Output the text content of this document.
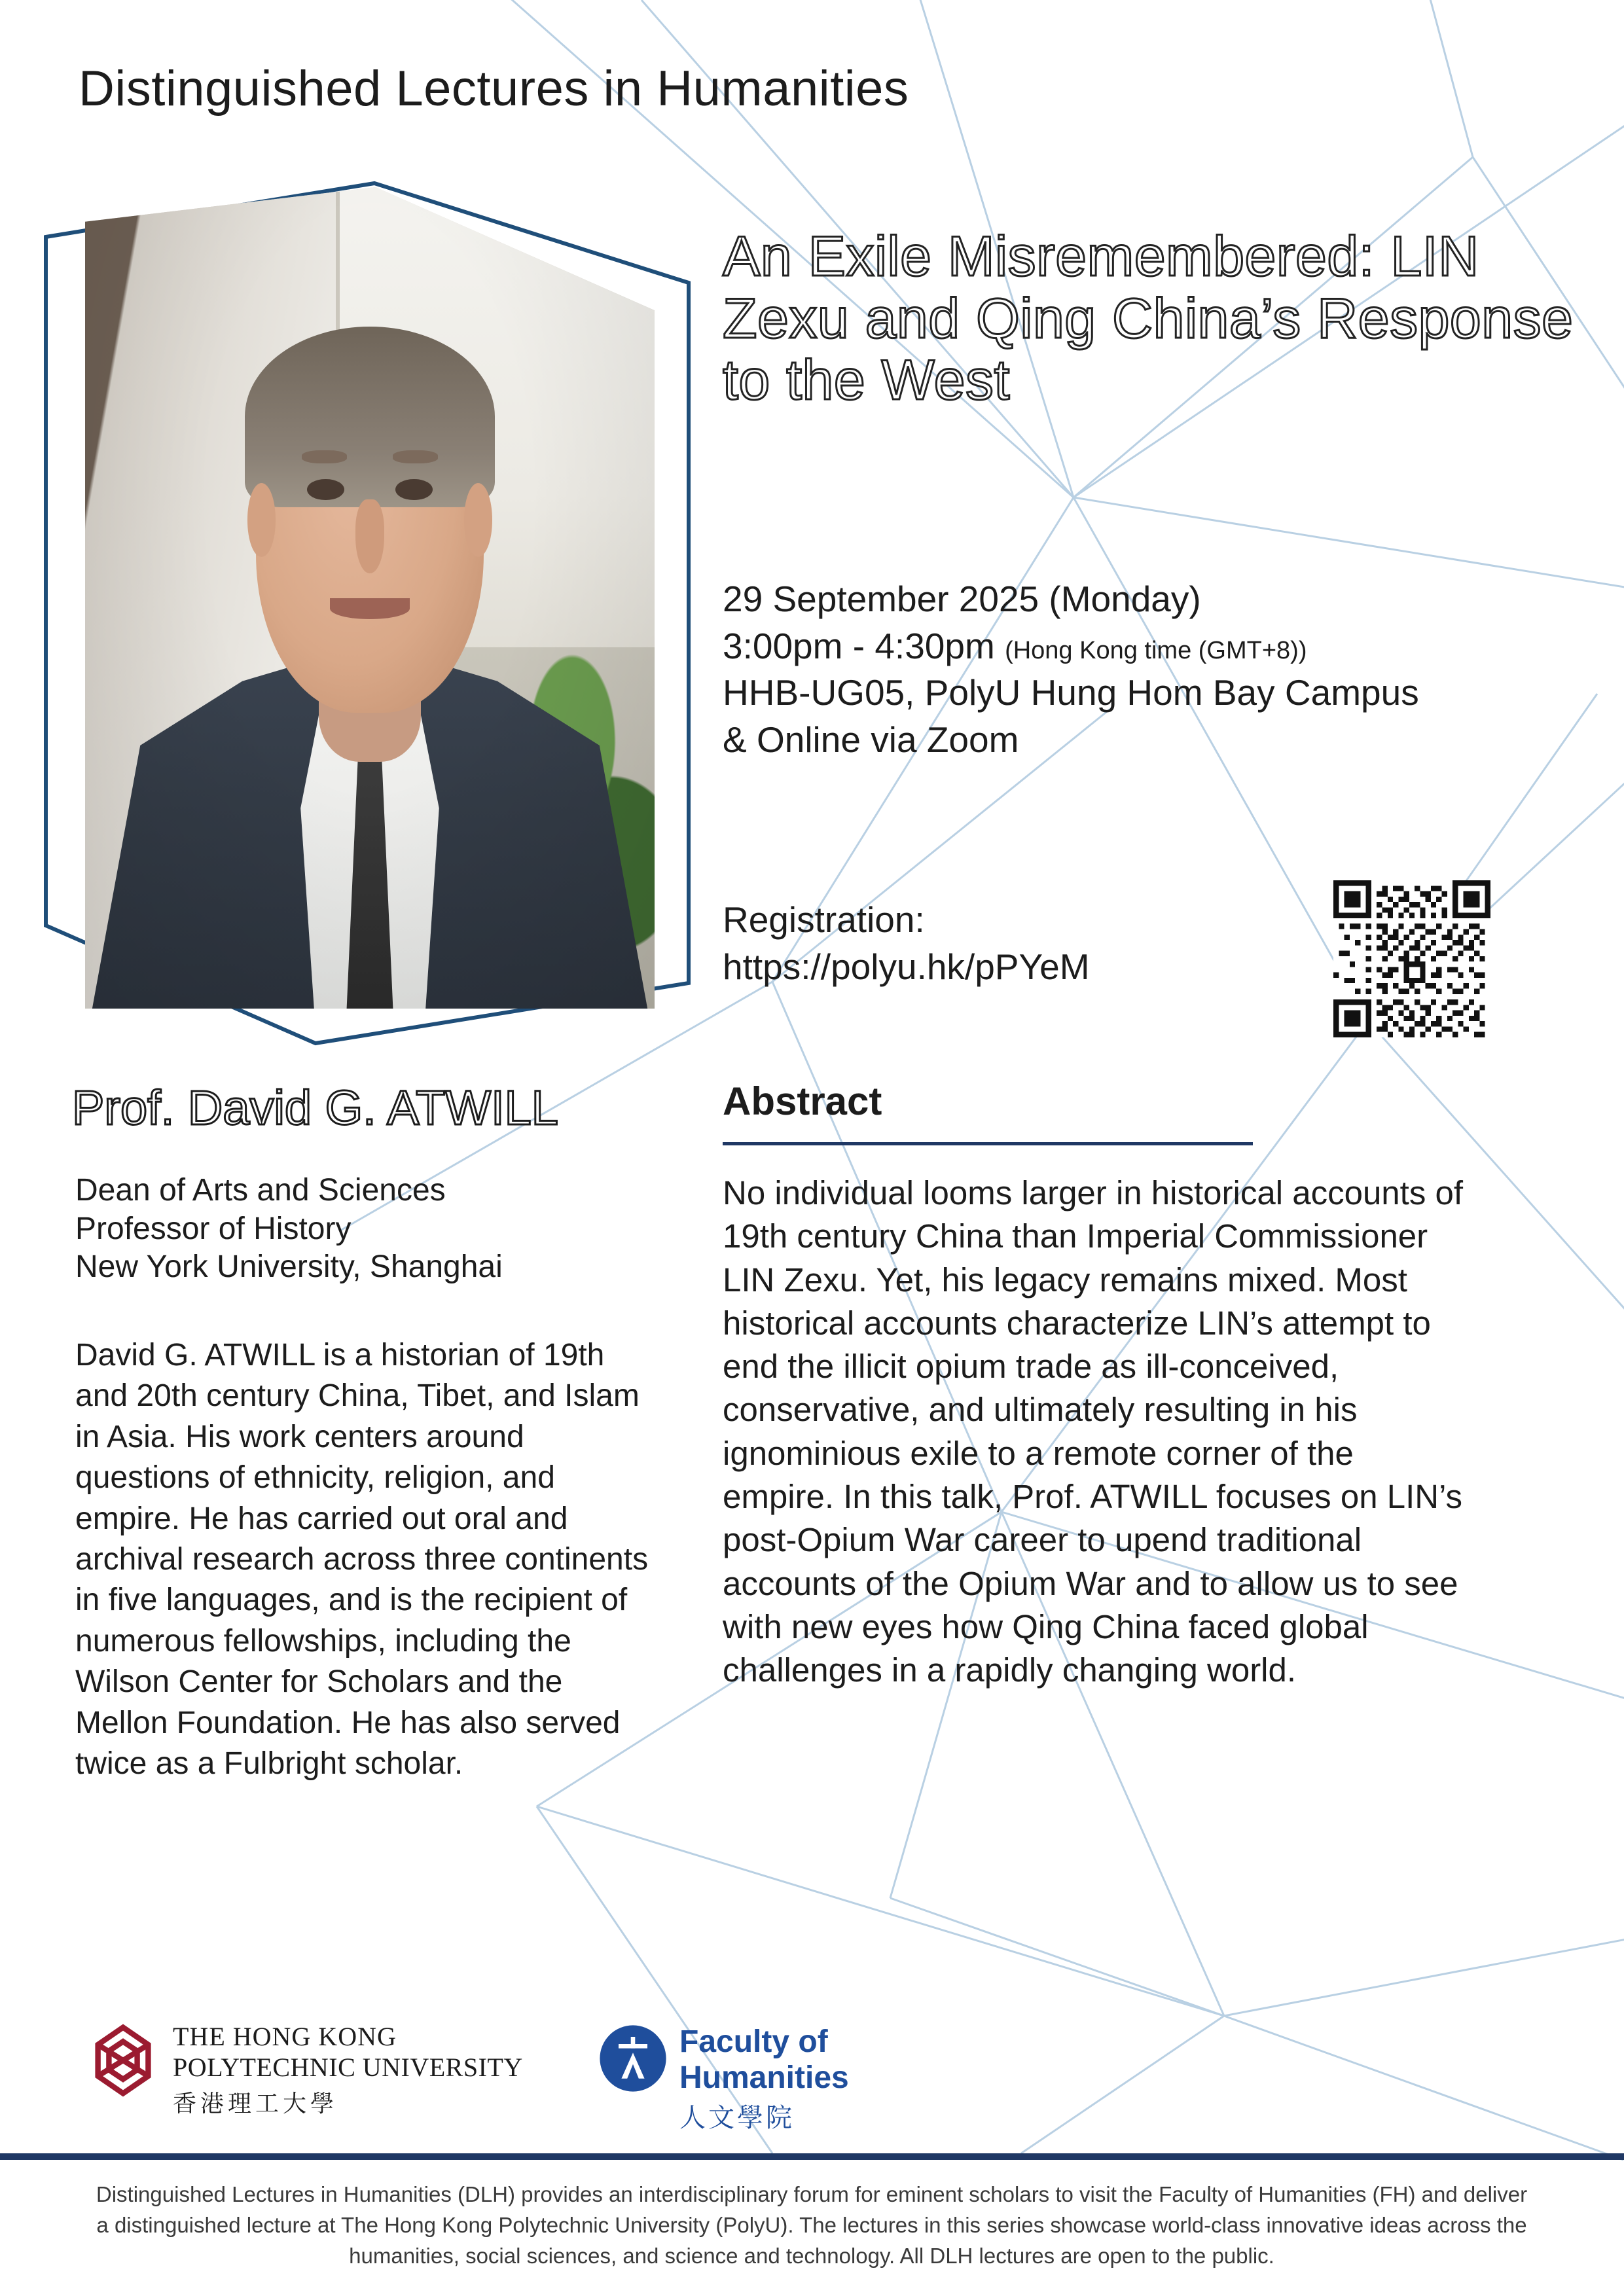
Distinguished Lectures in Humanities
An Exile Misremembered: LIN Zexu and Qing China’s Response to the West
29 September 2025 (Monday)
3:00pm - 4:30pm (Hong Kong time (GMT+8))
HHB-UG05, PolyU Hung Hom Bay Campus
& Online via Zoom
Registration:
https://polyu.hk/pPYeM
Prof. David G. ATWILL
Dean of Arts and Sciences
Professor of History
New York University, Shanghai
David G. ATWILL is a historian of 19th and 20th century China, Tibet, and Islam in Asia. His work centers around questions of ethnicity, religion, and empire. He has carried out oral and archival research across three continents in five languages, and is the recipient of numerous fellowships, including the Wilson Center for Scholars and the Mellon Foundation. He has also served twice as a Fulbright scholar.
Abstract
No individual looms larger in historical accounts of 19th century China than Imperial Commissioner LIN Zexu. Yet, his legacy remains mixed. Most historical accounts characterize LIN’s attempt to end the illicit opium trade as ill-conceived, conservative, and ultimately resulting in his ignominious exile to a remote corner of the empire. In this talk, Prof. ATWILL focuses on LIN’s post-Opium War career to upend traditional accounts of the Opium War and to allow us to see with new eyes how Qing China faced global challenges in a rapidly changing world.
THE HONG KONG
POLYTECHNIC UNIVERSITY
香港理工大學
Faculty of Humanities
人文學院
Distinguished Lectures in Humanities (DLH) provides an interdisciplinary forum for eminent scholars to visit the Faculty of Humanities (FH) and deliver a distinguished lecture at The Hong Kong Polytechnic University (PolyU). The lectures in this series showcase world-class innovative ideas across the humanities, social sciences, and science and technology. All DLH lectures are open to the public.
